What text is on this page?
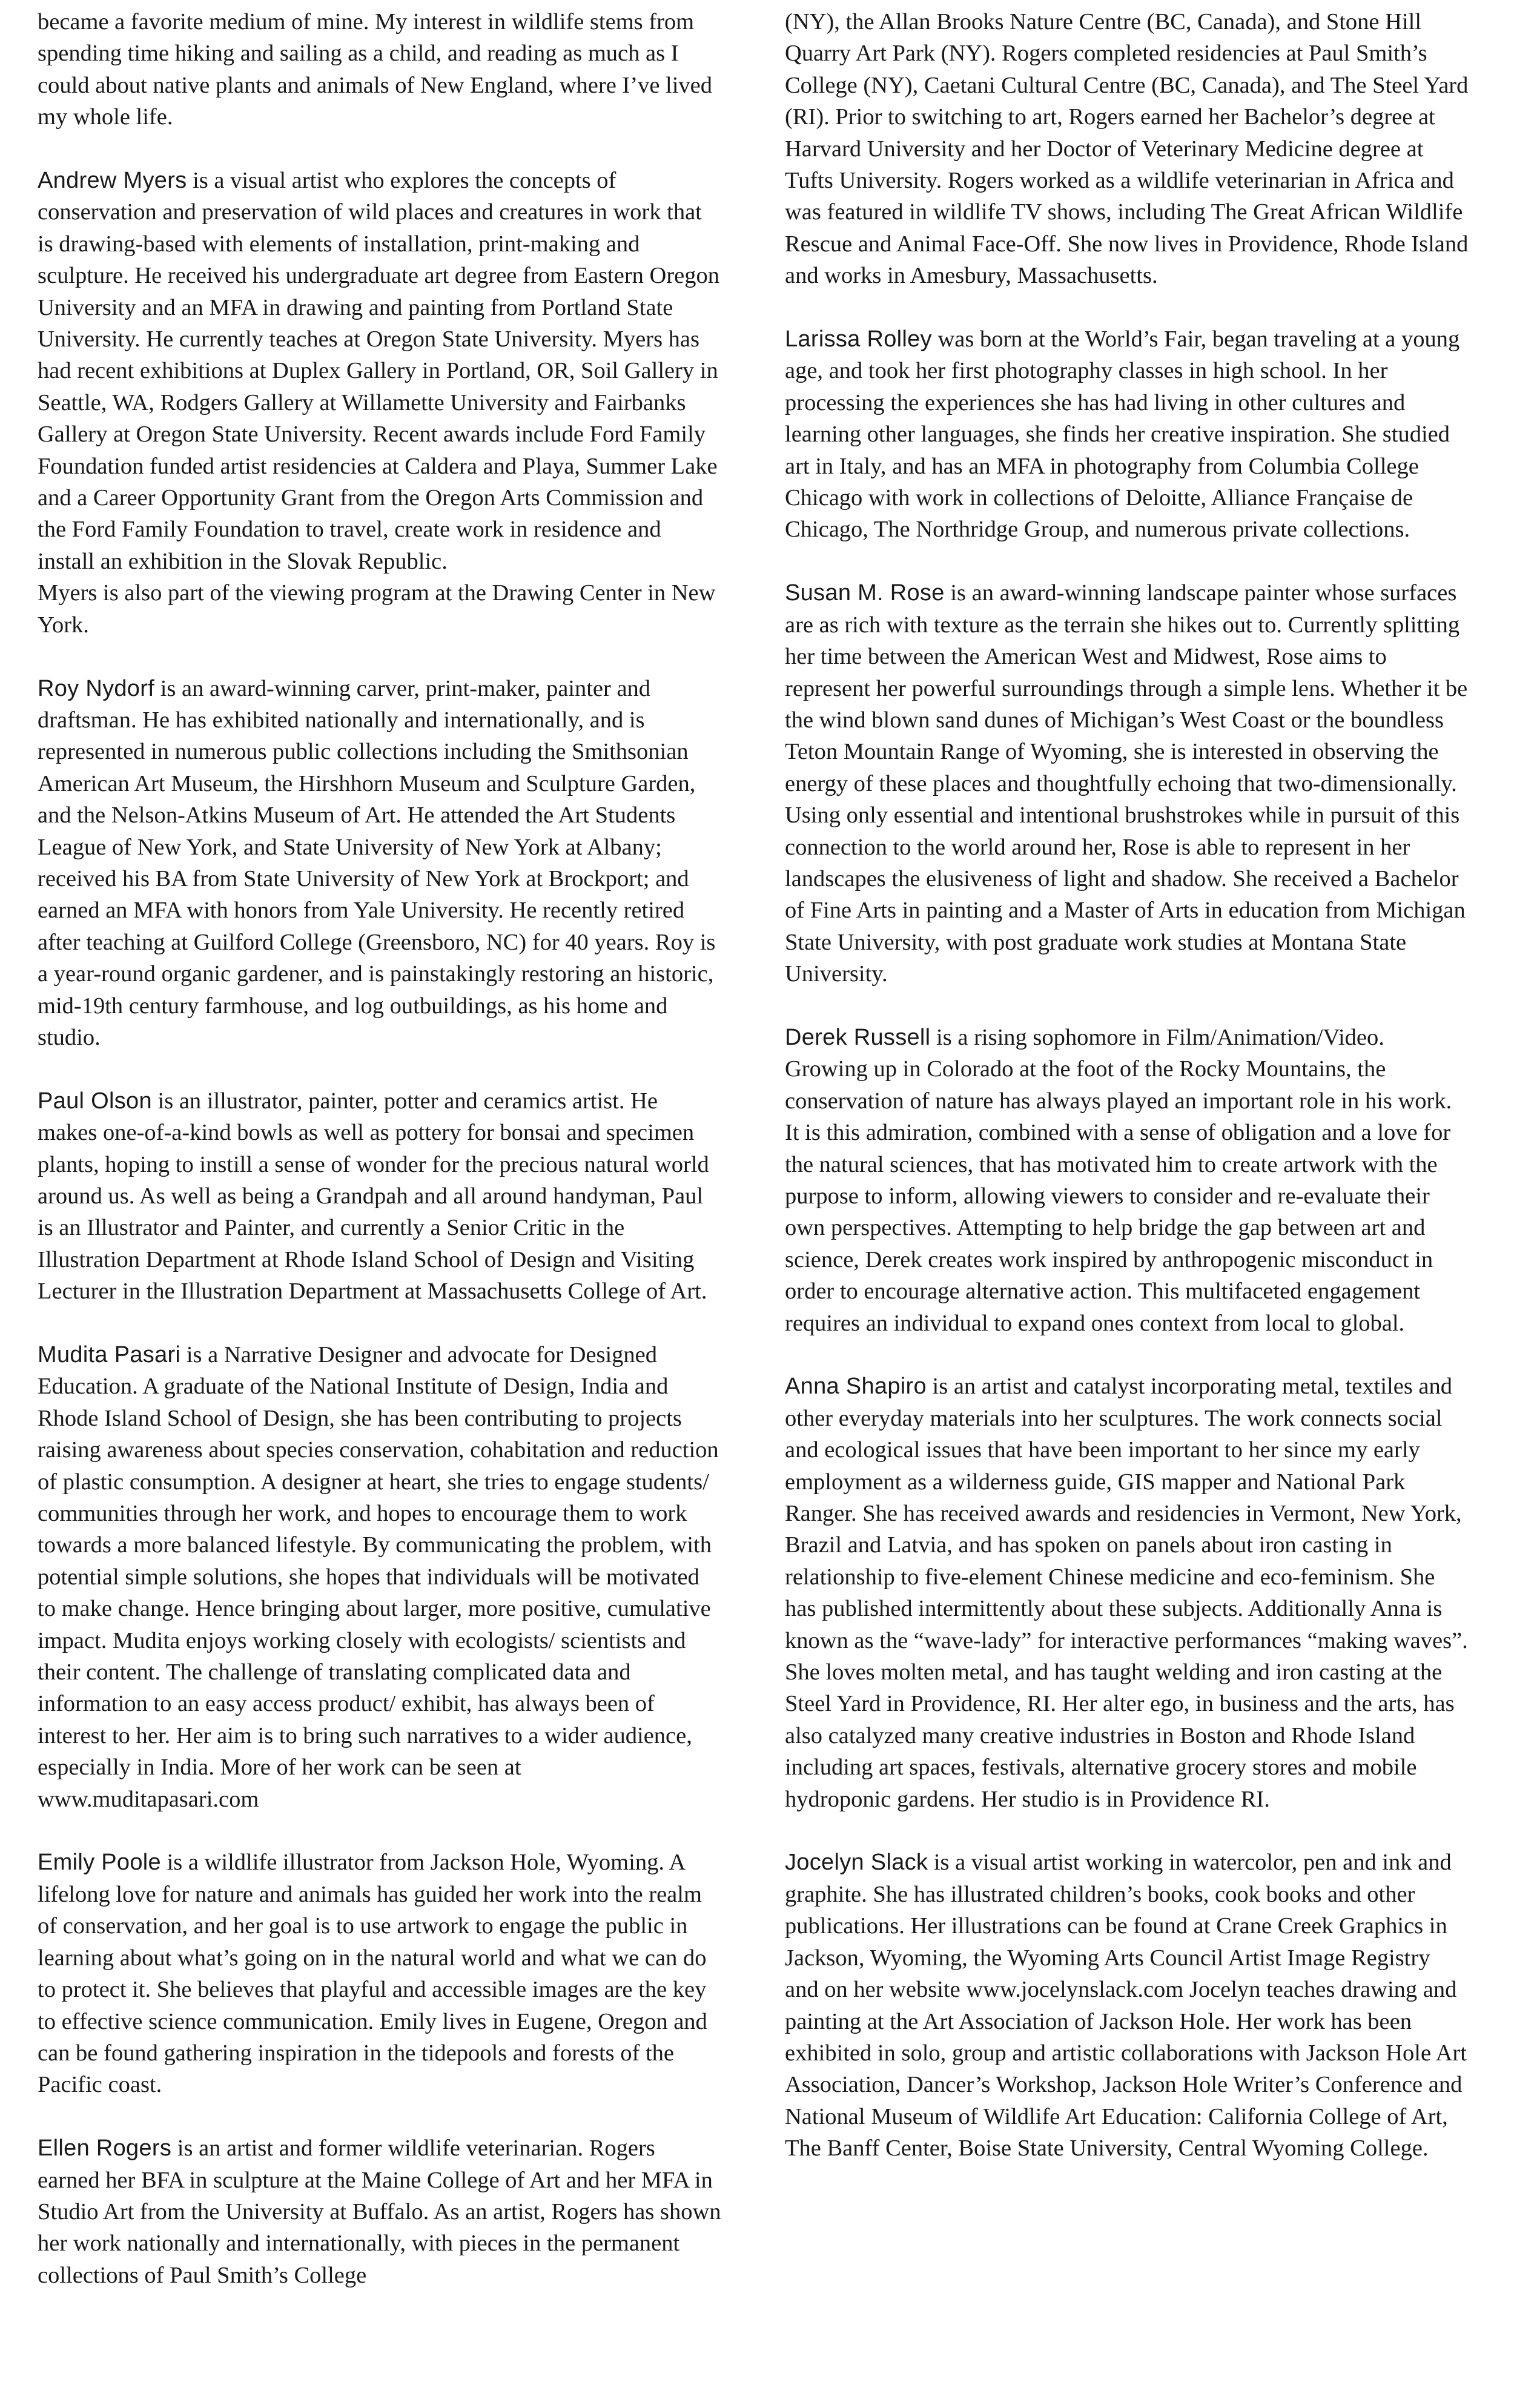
became a favorite medium of mine. My interest in wildlife stems from spending time hiking and sailing as a child, and reading as much as I could about native plants and animals of New England, where I’ve lived my whole life.

Andrew Myers is a visual artist who explores the concepts of conservation and preservation of wild places and creatures in work that is drawing-based with elements of installation, print-making and sculpture. He received his undergraduate art degree from Eastern Oregon University and an MFA in drawing and painting from Portland State University. He currently teaches at Oregon State University. Myers has had recent exhibitions at Duplex Gallery in Portland, OR, Soil Gallery in Seattle, WA, Rodgers Gallery at Willamette University and Fairbanks Gallery at Oregon State University. Recent awards include Ford Family Foundation funded artist residencies at Caldera and Playa, Summer Lake and a Career Opportunity Grant from the Oregon Arts Commission and the Ford Family Foundation to travel, create work in residence and install an exhibition in the Slovak Republic.

Myers is also part of the viewing program at the Drawing Center in New York.

Roy Nydorf is an award-winning carver, print-maker, painter and draftsman. He has exhibited nationally and internationally, and is represented in numerous public collections including the Smithsonian American Art Museum, the Hirshhorn Museum and Sculpture Garden, and the Nelson-Atkins Museum of Art. He attended the Art Students League of New York, and State University of New York at Albany; received his BA from State University of New York at Brockport; and earned an MFA with honors from Yale University. He recently retired after teaching at Guilford College (Greensboro, NC) for 40 years. Roy is a year-round organic gardener, and is painstakingly restoring an historic, mid-19th century farmhouse, and log outbuildings, as his home and studio.

Paul Olson is an illustrator, painter, potter and ceramics artist. He makes one-of-a-kind bowls as well as pottery for bonsai and specimen plants, hoping to instill a sense of wonder for the precious natural world around us. As well as being a Grandpah and all around handyman, Paul is an Illustrator and Painter, and currently a Senior Critic in the Illustration Department at Rhode Island School of Design and Visiting Lecturer in the Illustration Department at Massachusetts College of Art.

Mudita Pasari is a Narrative Designer and advocate for Designed Education. A graduate of the National Institute of Design, India and Rhode Island School of Design, she has been contributing to projects raising awareness about species conservation, cohabitation and reduction of plastic consumption. A designer at heart, she tries to engage students/ communities through her work, and hopes to encourage them to work towards a more balanced lifestyle. By communicating the problem, with potential simple solutions, she hopes that individuals will be motivated to make change. Hence bringing about larger, more positive, cumulative impact. Mudita enjoys working closely with ecologists/ scientists and their content. The challenge of translating complicated data and information to an easy access product/ exhibit, has always been of interest to her. Her aim is to bring such narratives to a wider audience, especially in India. More of her work can be seen at www.muditapasari.com

Emily Poole is a wildlife illustrator from Jackson Hole, Wyoming. A lifelong love for nature and animals has guided her work into the realm of conservation, and her goal is to use artwork to engage the public in learning about what’s going on in the natural world and what we can do to protect it. She believes that playful and accessible images are the key to effective science communication. Emily lives in Eugene, Oregon and can be found gathering inspiration in the tidepools and forests of the Pacific coast.

Ellen Rogers is an artist and former wildlife veterinarian. Rogers earned her BFA in sculpture at the Maine College of Art and her MFA in Studio Art from the University at Buffalo. As an artist, Rogers has shown her work nationally and internationally, with pieces in the permanent collections of Paul Smith’s College

(NY), the Allan Brooks Nature Centre (BC, Canada), and Stone Hill Quarry Art Park (NY). Rogers completed residencies at Paul Smith’s College (NY), Caetani Cultural Centre (BC, Canada), and The Steel Yard (RI). Prior to switching to art, Rogers earned her Bachelor’s degree at Harvard University and her Doctor of Veterinary Medicine degree at Tufts University. Rogers worked as a wildlife veterinarian in Africa and was featured in wildlife TV shows, including The Great African Wildlife Rescue and Animal Face-Off. She now lives in Providence, Rhode Island and works in Amesbury, Massachusetts.

Larissa Rolley was born at the World’s Fair, began traveling at a young age, and took her first photography classes in high school. In her processing the experiences she has had living in other cultures and learning other languages, she finds her creative inspiration. She studied art in Italy, and has an MFA in photography from Columbia College Chicago with work in collections of Deloitte, Alliance Française de Chicago, The Northridge Group, and numerous private collections.

Susan M. Rose is an award-winning landscape painter whose surfaces are as rich with texture as the terrain she hikes out to. Currently splitting her time between the American West and Midwest, Rose aims to represent her powerful surroundings through a simple lens. Whether it be the wind blown sand dunes of Michigan’s West Coast or the boundless Teton Mountain Range of Wyoming, she is interested in observing the energy of these places and thoughtfully echoing that two-dimensionally. Using only essential and intentional brushstrokes while in pursuit of this connection to the world around her, Rose is able to represent in her landscapes the elusiveness of light and shadow. She received a Bachelor of Fine Arts in painting and a Master of Arts in education from Michigan State University, with post graduate work studies at Montana State University.

Derek Russell is a rising sophomore in Film/Animation/Video. Growing up in Colorado at the foot of the Rocky Mountains, the conservation of nature has always played an important role in his work. It is this admiration, combined with a sense of obligation and a love for the natural sciences, that has motivated him to create artwork with the purpose to inform, allowing viewers to consider and re-evaluate their own perspectives. Attempting to help bridge the gap between art and science, Derek creates work inspired by anthropogenic misconduct in order to encourage alternative action. This multifaceted engagement requires an individual to expand ones context from local to global.

Anna Shapiro is an artist and catalyst incorporating metal, textiles and other everyday materials into her sculptures. The work connects social and ecological issues that have been important to her since my early employment as a wilderness guide, GIS mapper and National Park Ranger. She has received awards and residencies in Vermont, New York, Brazil and Latvia, and has spoken on panels about iron casting in relationship to five-element Chinese medicine and eco-feminism. She has published intermittently about these subjects. Additionally Anna is known as the “wave-lady” for interactive performances “making waves”. She loves molten metal, and has taught welding and iron casting at the Steel Yard in Providence, RI. Her alter ego, in business and the arts, has also catalyzed many creative industries in Boston and Rhode Island including art spaces, festivals, alternative grocery stores and mobile hydroponic gardens. Her studio is in Providence RI.

Jocelyn Slack is a visual artist working in watercolor, pen and ink and graphite. She has illustrated children’s books, cook books and other publications. Her illustrations can be found at Crane Creek Graphics in Jackson, Wyoming, the Wyoming Arts Council Artist Image Registry and on her website www.jocelynslack.com Jocelyn teaches drawing and painting at the Art Association of Jackson Hole. Her work has been exhibited in solo, group and artistic collaborations with Jackson Hole Art Association, Dancer’s Workshop, Jackson Hole Writer’s Conference and National Museum of Wildlife Art Education: California College of Art, The Banff Center, Boise State University, Central Wyoming College.
